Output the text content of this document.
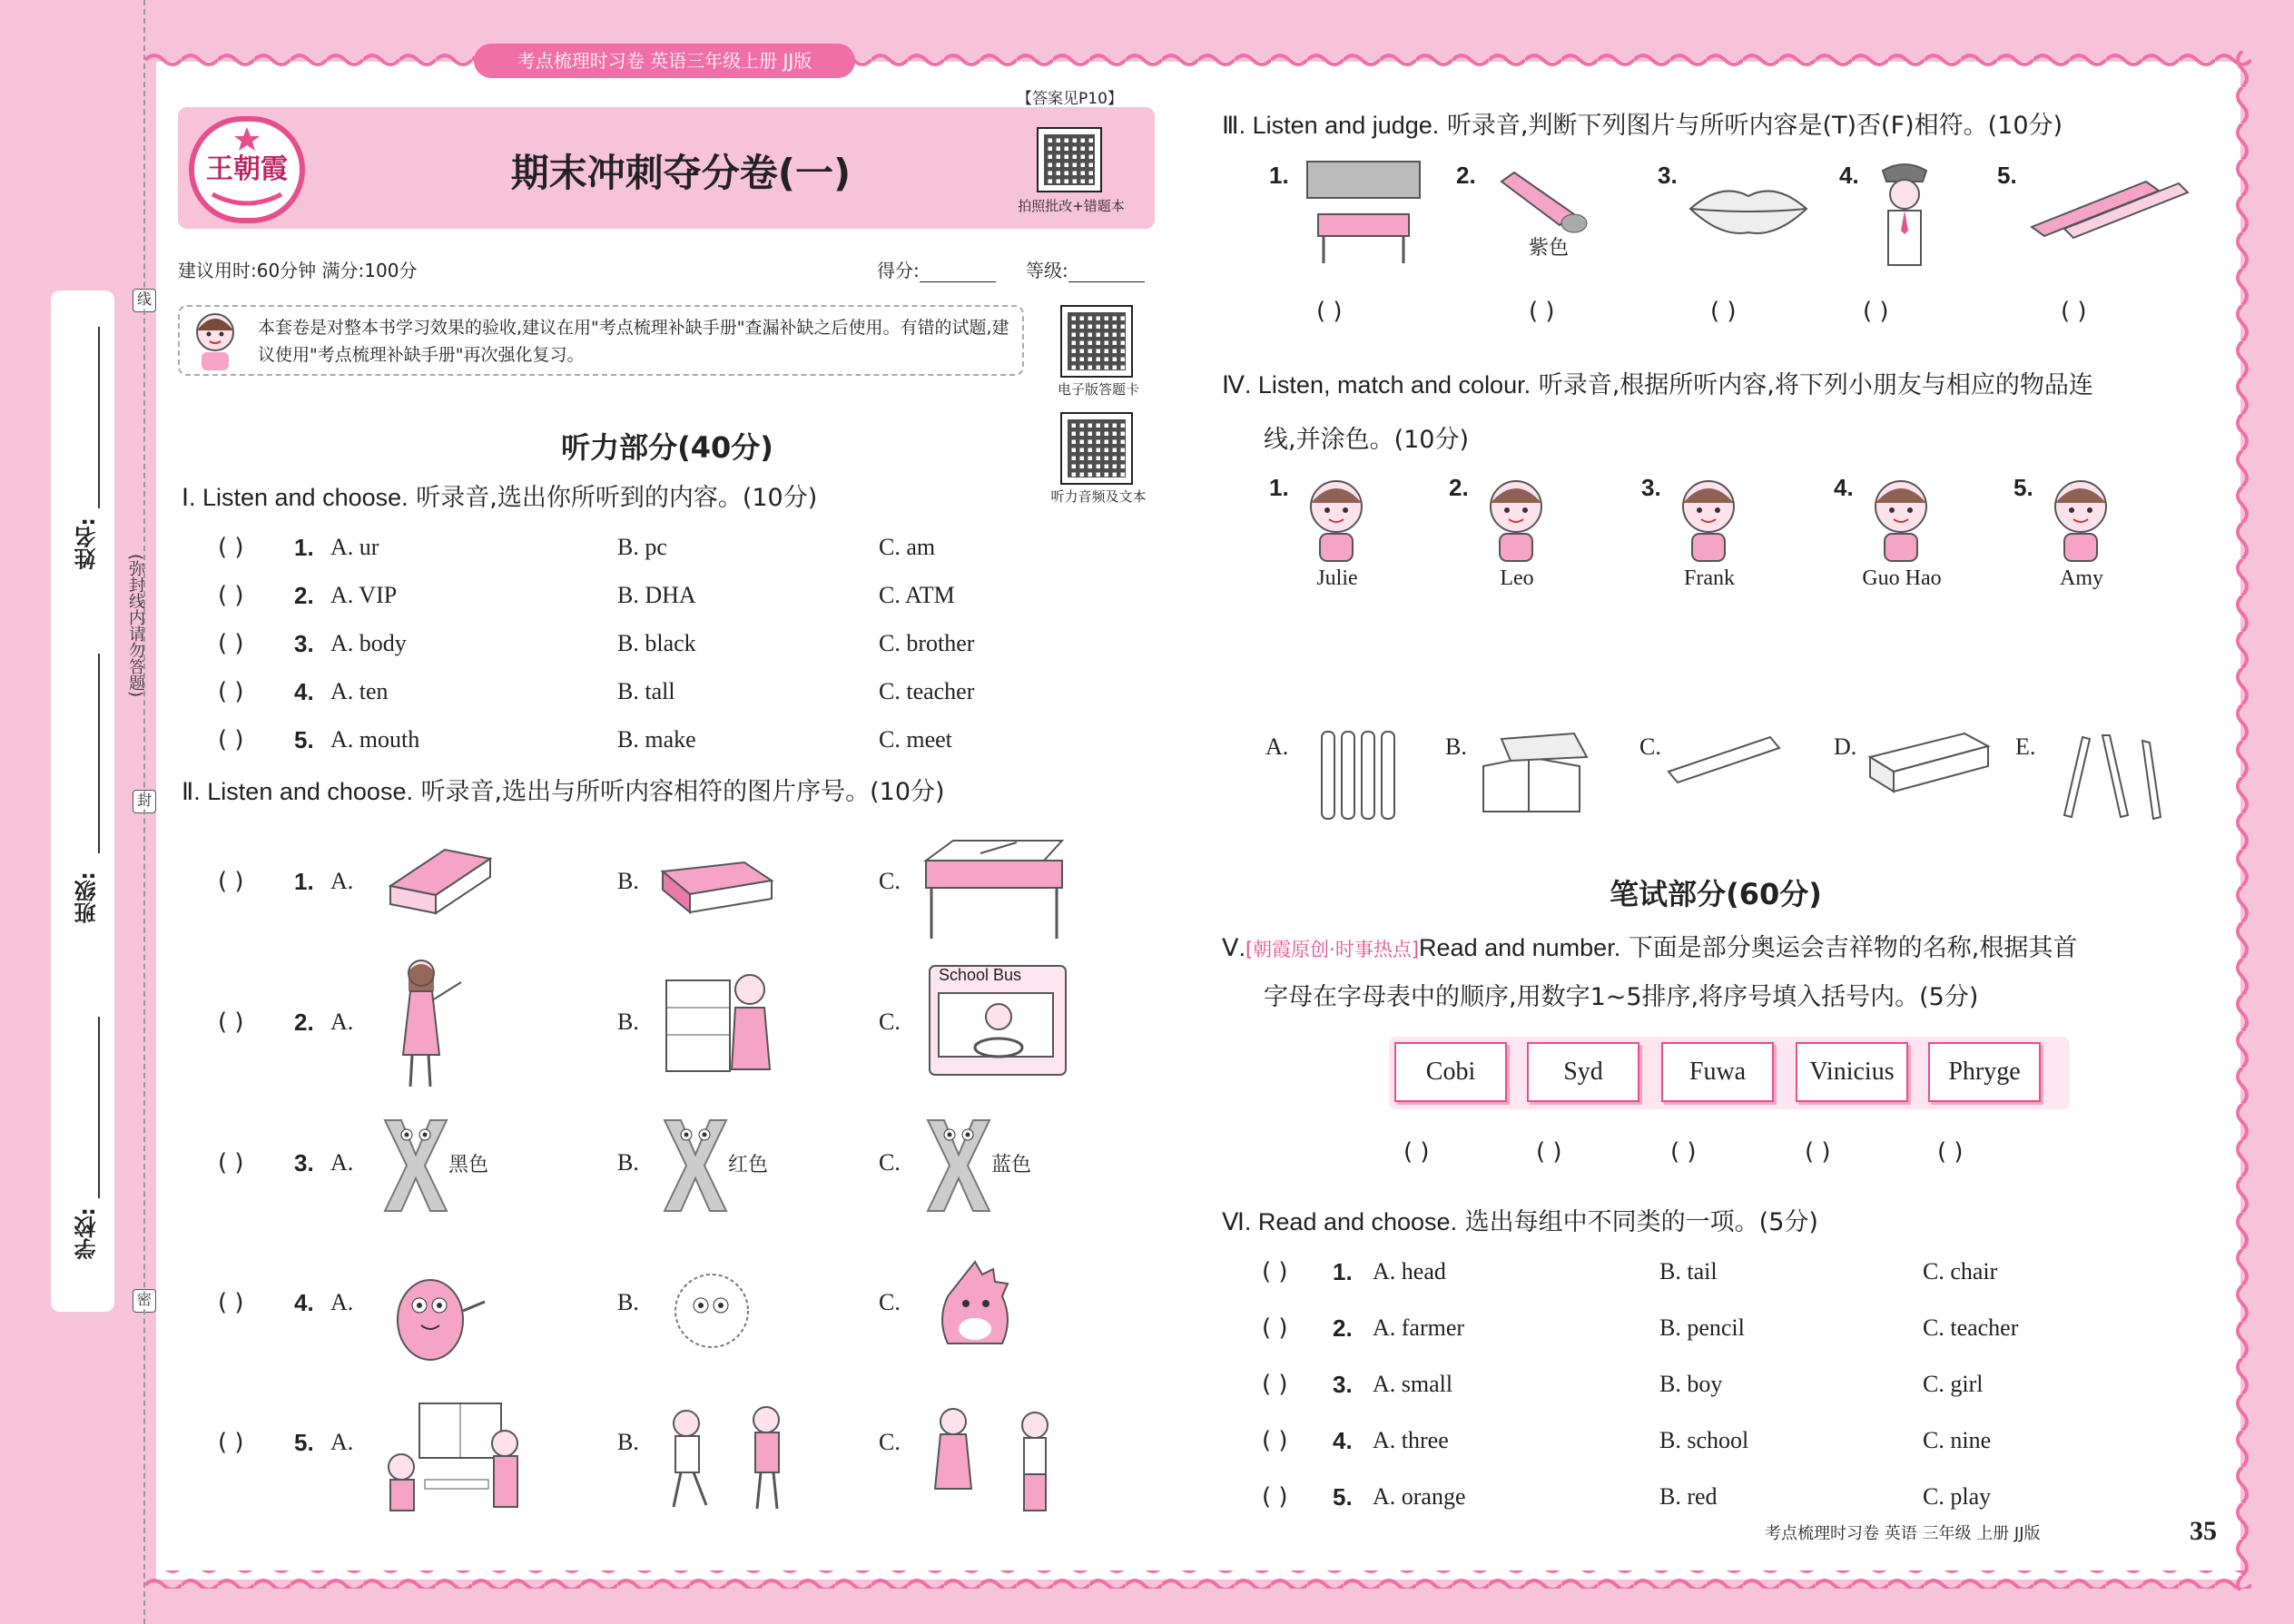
学校:
班级:
姓名:
线
封
密
(弥封线内请勿答题)
考点梳理时习卷 英语三年级上册 JJ版
王朝霞	期末冲刺夺分卷(一)
【答案见P10】
拍照批改+错题本
建议用时:60分钟 满分:100分	得分:	等级:
本套卷是对整本书学习效果的验收,建议在用"考点梳理补缺手册"查漏补缺之后使用。有错的试题,建议使用"考点梳理补缺手册"再次强化复习。
电子版答题卡
听力音频及文本
听力部分(40分)
Ⅰ. Listen and choose. 听录音,选出你所听到的内容。(10分)
( ) 1. A. ur	B. pc	C. am
( ) 2. A. VIP	B. DHA	C. ATM
( ) 3. A. body	B. black	C. brother
( ) 4. A. ten	B. tall	C. teacher
( ) 5. A. mouth	B. make	C. meet
Ⅱ. Listen and choose. 听录音,选出与所听内容相符的图片序号。(10分)
( ) 1. A.	B.	C.
( ) 2. A.	B.	C.
( ) 3. A.	B.	C.
( ) 4. A.	B.	C.
( ) 5. A.	B.	C.
School Bus
黑色	红色	蓝色
Ⅲ. Listen and judge. 听录音,判断下列图片与所听内容是(T)否(F)相符。(10分)
1.	2.	3.	4.	5.
紫色
( )	( )	( )	( )	( )
Ⅳ. Listen, match and colour. 听录音,根据所听内容,将下列小朋友与相应的物品连
线,并涂色。(10分)
1.
Julie
2.
Leo
3.
Frank
4.
Guo Hao
5.
Amy
A.	B.	C.	D.	E.
笔试部分(60分)
Ⅴ.[朝霞原创·时事热点]Read and number. 下面是部分奥运会吉祥物的名称,根据其首
字母在字母表中的顺序,用数字1~5排序,将序号填入括号内。(5分)
Cobi	Syd	Fuwa	Vinicius	Phryge
( )	( )	( )	( )	( )
Ⅵ. Read and choose. 选出每组中不同类的一项。(5分)
( ) 1. A. head	B. tail	C. chair
( ) 2. A. farmer	B. pencil	C. teacher
( ) 3. A. small	B. boy	C. girl
( ) 4. A. three	B. school	C. nine
( ) 5. A. orange	B. red	C. play
考点梳理时习卷 英语 三年级 上册 JJ版	35
